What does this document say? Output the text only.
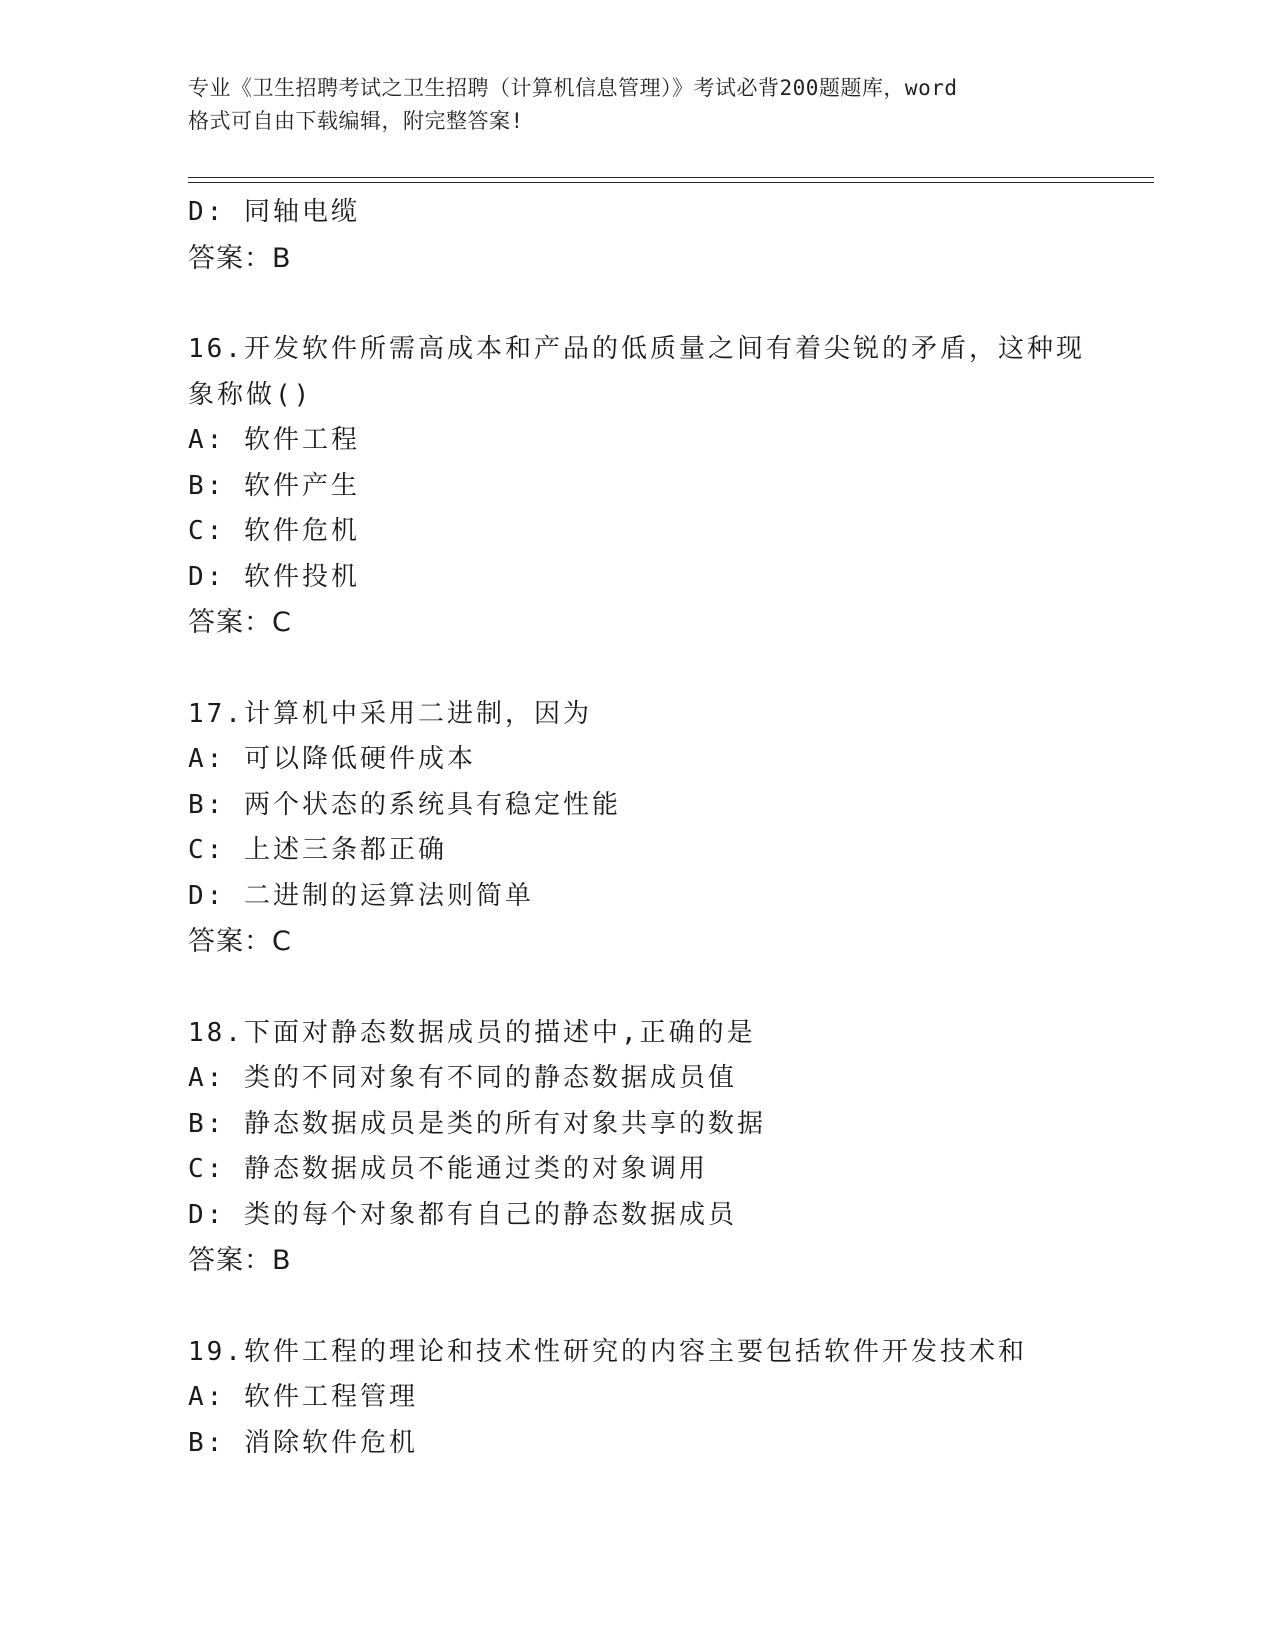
专业《卫生招聘考试之卫生招聘（计算机信息管理）》考试必背200题题库，word
格式可自由下载编辑，附完整答案!
D: 同轴电缆
答案：B
16.开发软件所需高成本和产品的低质量之间有着尖锐的矛盾，这种现
象称做()
A: 软件工程
B: 软件产生
C: 软件危机
D: 软件投机
答案：C
17.计算机中采用二进制，因为
A: 可以降低硬件成本
B: 两个状态的系统具有稳定性能
C: 上述三条都正确
D: 二进制的运算法则简单
答案：C
18.下面对静态数据成员的描述中,正确的是
A: 类的不同对象有不同的静态数据成员值
B: 静态数据成员是类的所有对象共享的数据
C: 静态数据成员不能通过类的对象调用
D: 类的每个对象都有自己的静态数据成员
答案：B
19.软件工程的理论和技术性研究的内容主要包括软件开发技术和
A: 软件工程管理
B: 消除软件危机
